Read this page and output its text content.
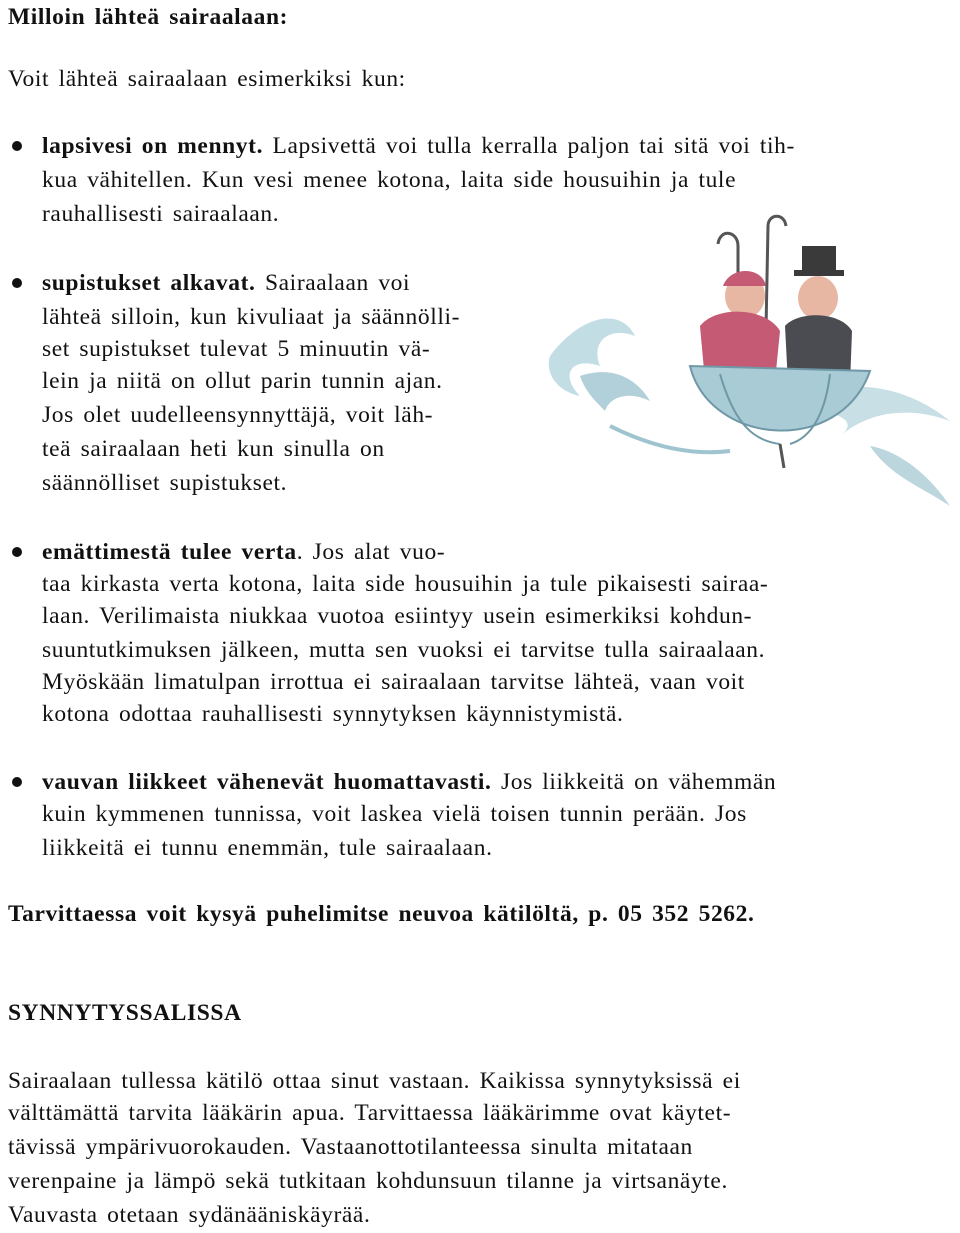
Milloin lähteä sairaalaan:
Voit lähteä sairaalaan esimerkiksi kun:
lapsivesi on mennyt. Lapsivettä voi tulla kerralla paljon tai sitä voi tih-
kua vähitellen. Kun vesi menee kotona, laita side housuihin ja tule
rauhallisesti sairaalaan.
supistukset alkavat. Sairaalaan voi
lähteä silloin, kun kivuliaat ja säännölli-
set supistukset tulevat 5 minuutin vä-
lein ja niitä on ollut parin tunnin ajan.
Jos olet uudelleensynnyttäjä, voit läh-
teä sairaalaan heti kun sinulla on
säännölliset supistukset.
emättimestä tulee verta. Jos alat vuo-
taa kirkasta verta kotona, laita side housuihin ja tule pikaisesti sairaa-
laan. Verilimaista niukkaa vuotoa esiintyy usein esimerkiksi kohdun-
suuntutkimuksen jälkeen, mutta sen vuoksi ei tarvitse tulla sairaalaan.
Myöskään limatulpan irrottua ei sairaalaan tarvitse lähteä, vaan voit
kotona odottaa rauhallisesti synnytyksen käynnistymistä.
vauvan liikkeet vähenevät huomattavasti. Jos liikkeitä on vähemmän
kuin kymmenen tunnissa, voit laskea vielä toisen tunnin perään. Jos
liikkeitä ei tunnu enemmän, tule sairaalaan.
Tarvittaessa voit kysyä puhelimitse neuvoa kätilöltä, p. 05 352 5262.
SYNNYTYSSALISSA
Sairaalaan tullessa kätilö ottaa sinut vastaan. Kaikissa synnytyksissä ei
välttämättä tarvita lääkärin apua. Tarvittaessa lääkärimme ovat käytet-
tävissä ympärivuorokauden. Vastaanottotilanteessa sinulta mitataan
verenpaine ja lämpö sekä tutkitaan kohdunsuun tilanne ja virtsanäyte.
Vauvasta otetaan sydänääniskäyrää.
